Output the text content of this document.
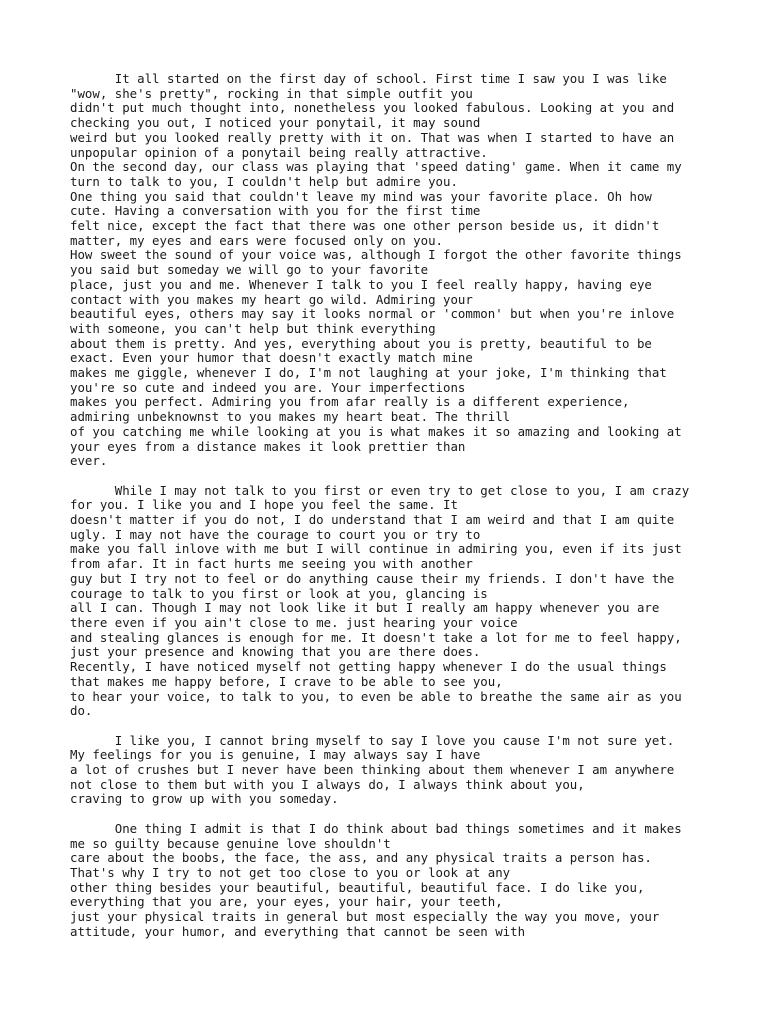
It all started on the first day of school. First time I saw you I was like
"wow, she's pretty", rocking in that simple outfit you
didn't put much thought into, nonetheless you looked fabulous. Looking at you and
checking you out, I noticed your ponytail, it may sound
weird but you looked really pretty with it on. That was when I started to have an
unpopular opinion of a ponytail being really attractive.
On the second day, our class was playing that 'speed dating' game. When it came my
turn to talk to you, I couldn't help but admire you.
One thing you said that couldn't leave my mind was your favorite place. Oh how
cute. Having a conversation with you for the first time
felt nice, except the fact that there was one other person beside us, it didn't
matter, my eyes and ears were focused only on you.
How sweet the sound of your voice was, although I forgot the other favorite things
you said but someday we will go to your favorite
place, just you and me. Whenever I talk to you I feel really happy, having eye
contact with you makes my heart go wild. Admiring your
beautiful eyes, others may say it looks normal or 'common' but when you're inlove
with someone, you can't help but think everything
about them is pretty. And yes, everything about you is pretty, beautiful to be
exact. Even your humor that doesn't exactly match mine
makes me giggle, whenever I do, I'm not laughing at your joke, I'm thinking that
you're so cute and indeed you are. Your imperfections
makes you perfect. Admiring you from afar really is a different experience,
admiring unbeknownst to you makes my heart beat. The thrill
of you catching me while looking at you is what makes it so amazing and looking at
your eyes from a distance makes it look prettier than
ever.
While I may not talk to you first or even try to get close to you, I am crazy
for you. I like you and I hope you feel the same. It
doesn't matter if you do not, I do understand that I am weird and that I am quite
ugly. I may not have the courage to court you or try to
make you fall inlove with me but I will continue in admiring you, even if its just
from afar. It in fact hurts me seeing you with another
guy but I try not to feel or do anything cause their my friends. I don't have the
courage to talk to you first or look at you, glancing is
all I can. Though I may not look like it but I really am happy whenever you are
there even if you ain't close to me. just hearing your voice
and stealing glances is enough for me. It doesn't take a lot for me to feel happy,
just your presence and knowing that you are there does.
Recently, I have noticed myself not getting happy whenever I do the usual things
that makes me happy before, I crave to be able to see you,
to hear your voice, to talk to you, to even be able to breathe the same air as you
do.
I like you, I cannot bring myself to say I love you cause I'm not sure yet.
My feelings for you is genuine, I may always say I have
a lot of crushes but I never have been thinking about them whenever I am anywhere
not close to them but with you I always do, I always think about you,
craving to grow up with you someday.
One thing I admit is that I do think about bad things sometimes and it makes
me so guilty because genuine love shouldn't
care about the boobs, the face, the ass, and any physical traits a person has.
That's why I try to not get too close to you or look at any
other thing besides your beautiful, beautiful, beautiful face. I do like you,
everything that you are, your eyes, your hair, your teeth,
just your physical traits in general but most especially the way you move, your
attitude, your humor, and everything that cannot be seen with
